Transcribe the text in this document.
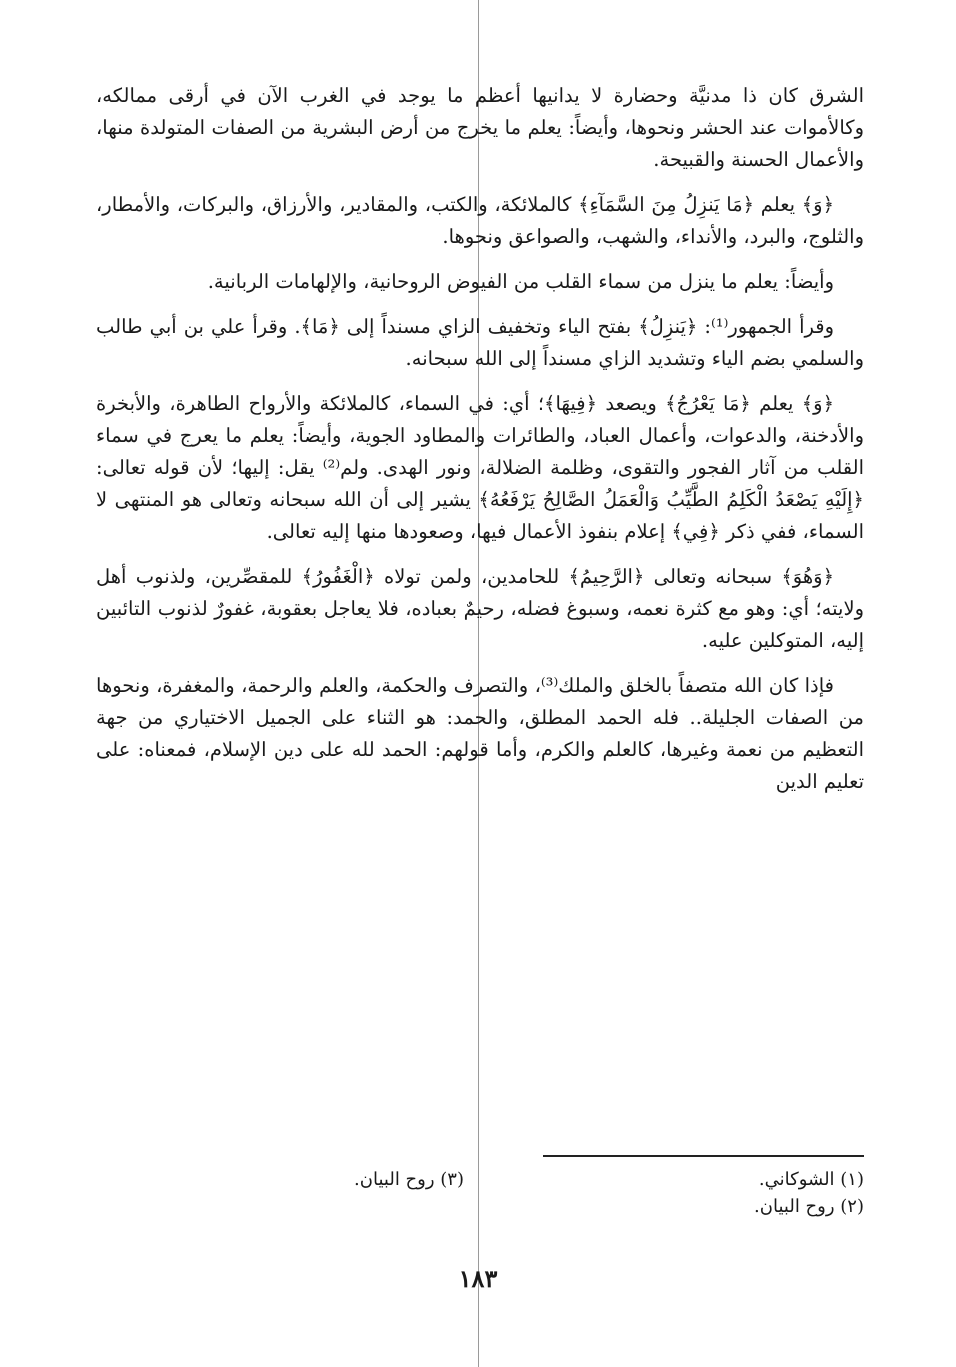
الشرق كان ذا مدنيَّة وحضارة لا يدانيها أعظم ما يوجد في الغرب الآن في أرقى ممالكه، وكالأموات عند الحشر ونحوها، وأيضاً: يعلم ما يخرج من أرض البشرية من الصفات المتولدة منها، والأعمال الحسنة والقبيحة.

﴿وَ﴾ يعلم ﴿مَا يَنزِلُ مِنَ السَّمَآءِ﴾ كالملائكة، والكتب، والمقادير، والأرزاق، والبركات، والأمطار، والثلوج، والبرد، والأنداء، والشهب، والصواعق ونحوها.

وأيضاً: يعلم ما ينزل من سماء القلب من الفيوض الروحانية، والإلهامات الربانية.

وقرأ الجمهور⁽¹⁾: ﴿يَنزِلُ﴾ بفتح الياء وتخفيف الزاي مسنداً إلى ﴿مَا﴾. وقرأ علي بن أبي طالب والسلمي بضم الياء وتشديد الزاي مسنداً إلى الله سبحانه.

﴿وَ﴾ يعلم ﴿مَا يَعْرُجُ﴾ ويصعد ﴿فِيهَا﴾؛ أي: في السماء، كالملائكة والأرواح الطاهرة، والأبخرة والأدخنة، والدعوات، وأعمال العباد، والطائرات والمطاود الجوية، وأيضاً: يعلم ما يعرج في سماء القلب من آثار الفجور والتقوى، وظلمة الضلالة، ونور الهدى. ولم⁽²⁾ يقل: إليها؛ لأن قوله تعالى: ﴿إِلَيْهِ يَصْعَدُ الْكَلِمُ الطَّيِّبُ وَالْعَمَلُ الصَّالِحُ يَرْفَعُهُ﴾ يشير إلى أن الله سبحانه وتعالى هو المنتهى لا السماء، ففي ذكر ﴿فِي﴾ إعلام بنفوذ الأعمال فيها، وصعودها منها إليه تعالى.

﴿وَهُوَ﴾ سبحانه وتعالى ﴿الرَّحِيمُ﴾ للحامدين، ولمن تولاه ﴿الْغَفُورُ﴾ للمقصِّرين، ولذنوب أهل ولايته؛ أي: وهو مع كثرة نعمه، وسبوغ فضله، رحيمٌ بعباده، فلا يعاجل بعقوبة، غفورٌ لذنوب التائبين إليه، المتوكلين عليه.

فإذا كان الله متصفاً بالخلق والملك⁽³⁾، والتصرف والحكمة، والعلم والرحمة، والمغفرة، ونحوها من الصفات الجليلة.. فله الحمد المطلق، والحمد: هو الثناء على الجميل الاختياري من جهة التعظيم من نعمة وغيرها، كالعلم والكرم، وأما قولهم: الحمد لله على دين الإسلام، فمعناه: على تعليم الدين

(١) الشوكاني.

(٢) روح البيان.

(٣) روح البيان.

١٨٣
